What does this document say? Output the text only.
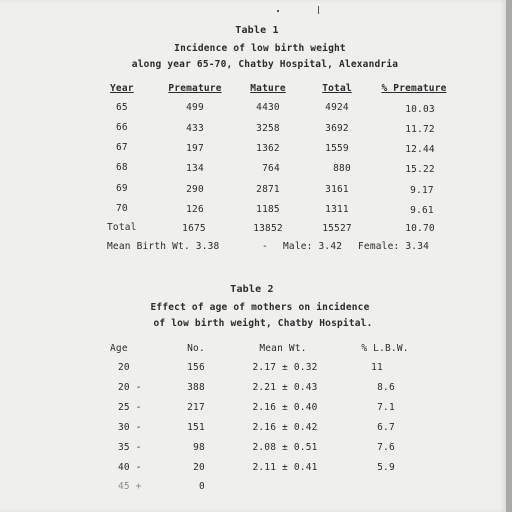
Table 1
Incidence of low birth weight
along year 65-70, Chatby Hospital, Alexandria
Year	Premature	Mature	Total	% Premature
65	499	4430	4924	10.03
66	433	3258	3692	11.72
67	197	1362	1559	12.44
68	134	764	880	15.22
69	290	2871	3161	9.17
70	126	1185	1311	9.61
Total	1675	13852	15527	10.70
Mean Birth Wt. 3.38	- Male: 3.42 Female: 3.34
Table 2
Effect of age of mothers on incidence
of low birth weight, Chatby Hospital.
Age	No.	Mean Wt.	% L.B.W.
20	156	2.17 ± 0.32	11
20 -	388	2.21 ± 0.43	8.6
25 -	217	2.16 ± 0.40	7.1
30 -	151	2.16 ± 0.42	6.7
35 -	98	2.08 ± 0.51	7.6
40 -	20	2.11 ± 0.41	5.9
45 +	0
